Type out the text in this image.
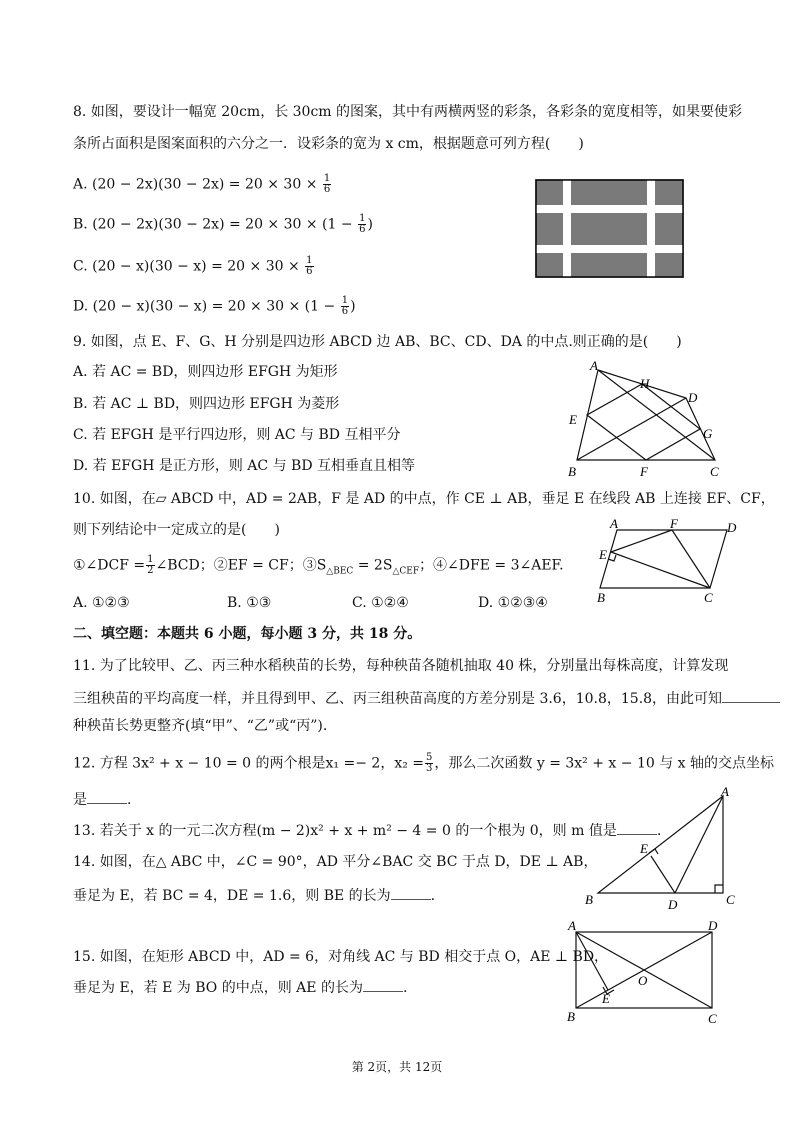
8. 如图，要设计一幅宽 20cm，长 30cm 的图案，其中有两横两竖的彩条，各彩条的宽度相等，如果要使彩
条所占面积是图案面积的六分之一．设彩条的宽为 x cm，根据题意可列方程(　　)
A. $(20 - 2x)(30 - 2x) = 20 \times 30 \times \frac{1}{6}$
B. $(20 - 2x)(30 - 2x) = 20 \times 30 \times (1 - \frac{1}{6}$ )
C. $(20 - x)(30 - x) = 20 \times 30 \times \frac{1}{6}$
D. $(20 - x)(30 - x) = 20 \times 30 \times (1 - \frac{1}{6}$ )
9. 如图，点 E、F、G、H 分别是四边形 ABCD 边 AB、BC、CD、DA 的中点.则正确的是(　　)
A. 若 AC = BD，则四边形 EFGH 为矩形
B. 若 AC ⊥ BD，则四边形 EFGH 为菱形
C. 若 EFGH 是平行四边形，则 AC 与 BD 互相平分
D. 若 EFGH 是正方形，则 AC 与 BD 互相垂直且相等
A
D
H
E
G
B	F	C
10. 如图，在▱ ABCD 中，AD = 2AB，F 是 AD 的中点，作 CE ⊥ AB，垂足 E 在线段 AB 上连接 EF、CF，
则下列结论中一定成立的是(　　)
①∠DCF = $\frac{1}{2}$ ∠BCD；②EF = CF；$③S_{\triangle BEC} = 2S_{\triangle CEF}$；④∠DFE = 3∠AEF.
A. ①②③	B. ①③	C. ①②④	D. ①②③④
A	F	D
E
B	C
二、填空题：本题共 6 小题，每小题 3 分，共 18 分。
11. 为了比较甲、乙、丙三种水稻秧苗的长势，每种秧苗各随机抽取 40 株，分别量出每株高度，计算发现
三组秧苗的平均高度一样，并且得到甲、乙、丙三组秧苗高度的方差分别是 3.6，10.8，15.8，由此可知
种秧苗长势更整齐(填“甲”、“乙”或“丙”).
12. 方程 3x² + x − 10 = 0 的两个根是x₁ =− 2，$x_2 = \frac{5}{3}$ ，那么二次函数 y = 3x² + x − 10 与 x 轴的交点坐标
是	.
13. 若关于 x 的一元二次方程(m − 2)x² + x + m² − 4 = 0 的一个根为 0，则 m 值是	.
14. 如图，在△ ABC 中，∠C = 90°，AD 平分∠BAC 交 BC 于点 D，DE ⊥ AB，
垂足为 E，若 BC = 4，DE = 1.6，则 BE 的长为	.
A
E
B	D	C
15. 如图，在矩形 ABCD 中，AD = 6，对角线 AC 与 BD 相交于点 O，AE ⊥ BD，
垂足为 E，若 E 为 BO 的中点，则 AE 的长为	.
A	D
O
E
B	C
第 2页，共 12页
